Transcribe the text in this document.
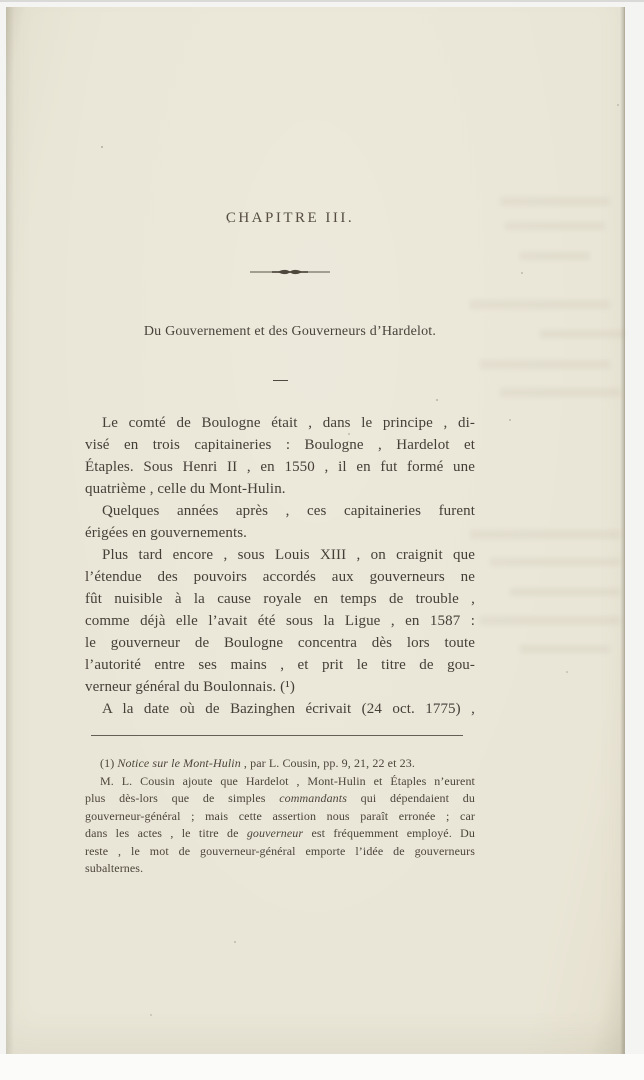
CHAPITRE III.
Du Gouvernement et des Gouverneurs d’Hardelot.
Le comté de Boulogne était , dans le principe , di-
visé en trois capitaineries : Boulogne , Hardelot et
Étaples. Sous Henri II , en 1550 , il en fut formé une
quatrième , celle du Mont-Hulin.
Quelques années après , ces capitaineries furent
érigées en gouvernements.
Plus tard encore , sous Louis XIII , on craignit que
l’étendue des pouvoirs accordés aux gouverneurs ne
fût nuisible à la cause royale en temps de trouble ,
comme déjà elle l’avait été sous la Ligue , en 1587 :
le gouverneur de Boulogne concentra dès lors toute
l’autorité entre ses mains , et prit le titre de gou-
verneur général du Boulonnais. (¹)
A la date où de Bazinghen écrivait (24 oct. 1775) ,
(1) Notice sur le Mont-Hulin , par L. Cousin, pp. 9, 21, 22 et 23.
M. L. Cousin ajoute que Hardelot , Mont-Hulin et Étaples n’eurent
plus dès-lors que de simples commandants qui dépendaient du
gouverneur-général ; mais cette assertion nous paraît erronée ; car
dans les actes , le titre de gouverneur est fréquemment employé. Du
reste , le mot de gouverneur-général emporte l’idée de gouverneurs
subalternes.
